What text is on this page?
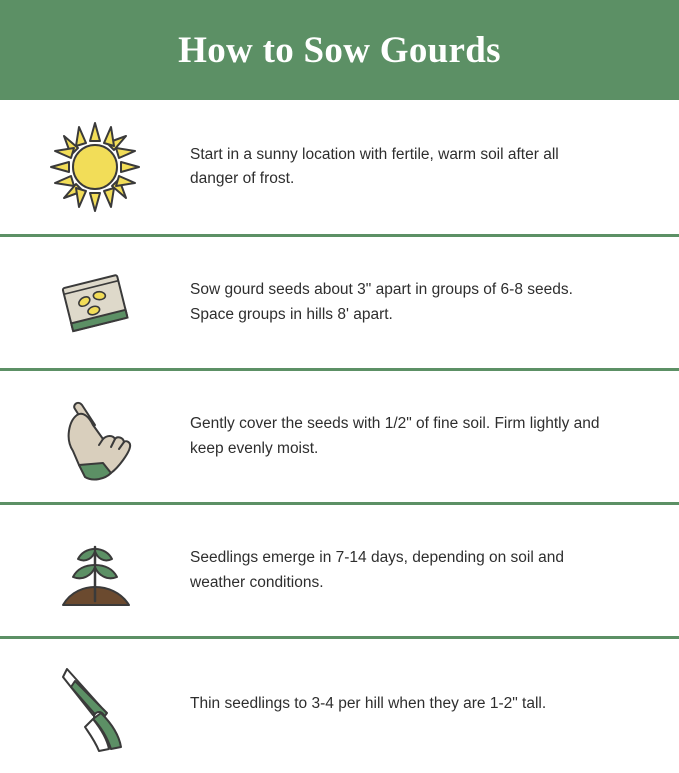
How to Sow Gourds
Start in a sunny location with fertile, warm soil after all danger of frost.
Sow gourd seeds about 3" apart in groups of 6-8 seeds. Space groups in hills 8' apart.
Gently cover the seeds with 1/2" of fine soil. Firm lightly and keep evenly moist.
Seedlings emerge in 7-14 days, depending on soil and weather conditions.
Thin seedlings to 3-4 per hill when they are 1-2" tall.
